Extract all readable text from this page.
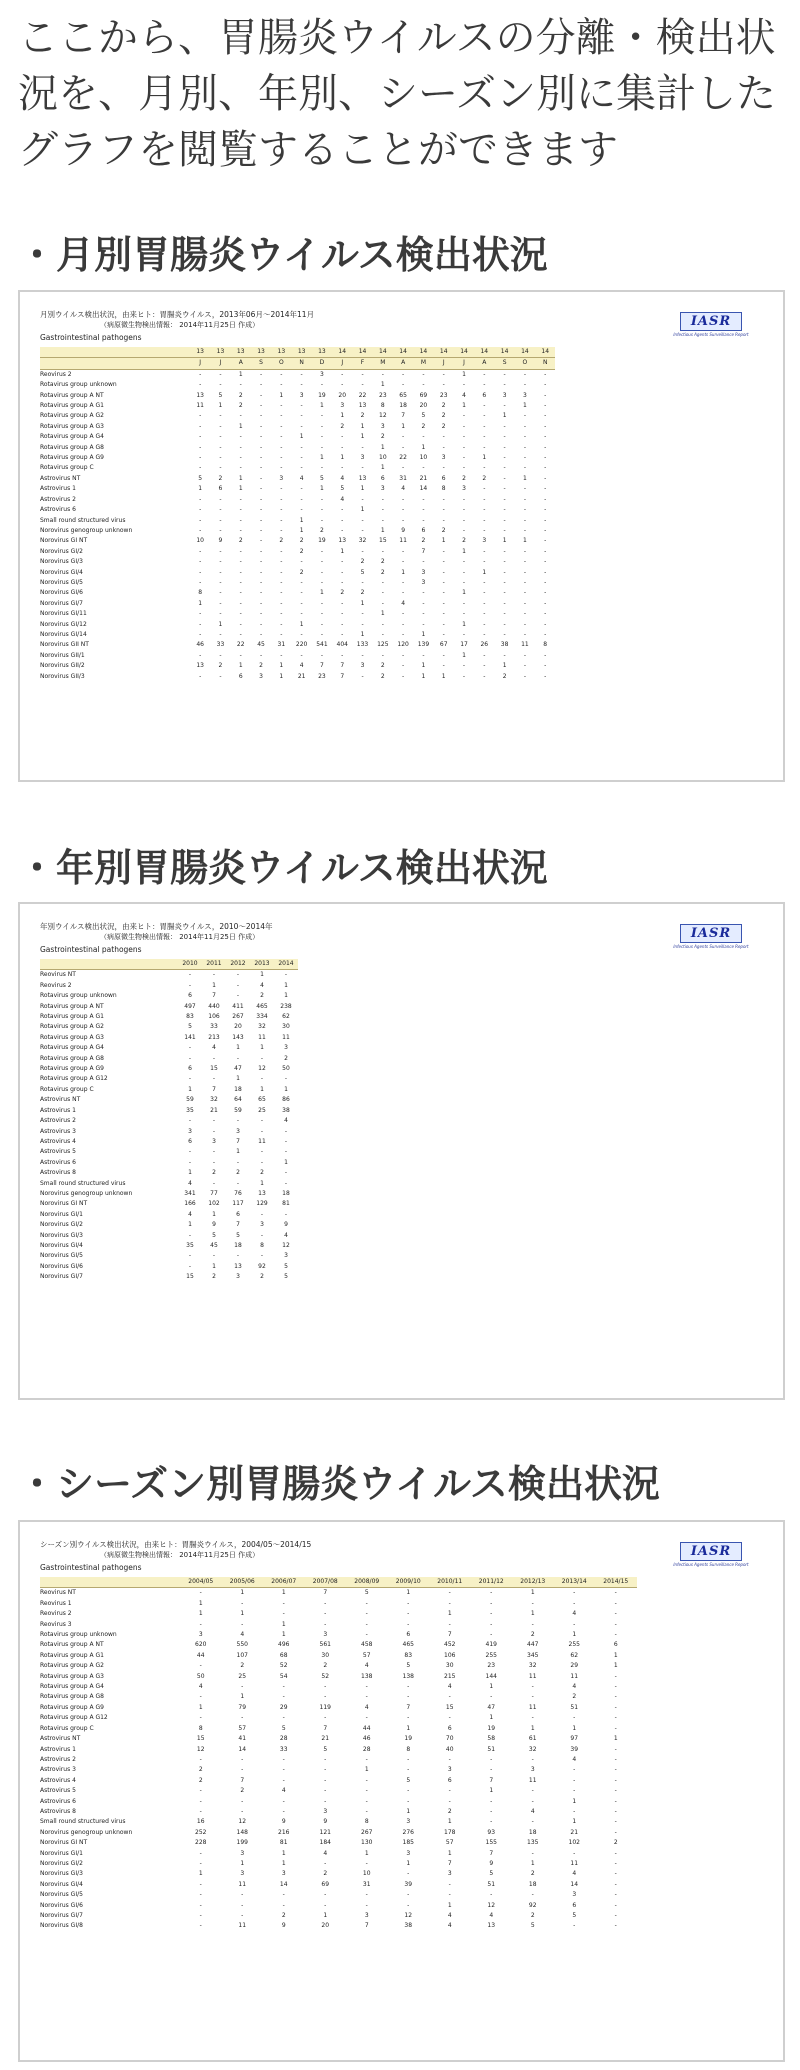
ここから、胃腸炎ウイルスの分離・検出状況を、月別、年別、シーズン別に集計したグラフを閲覧することができます

・月別胃腸炎ウイルス検出状況
IASR
Infectious Agents Surveillance Report
月別ウイルス検出状況，由来ヒト：胃腸炎ウイルス，2013年06月〜2014年11月
（病原微生物検出情報： 2014年11月25日 作成）
Gastrointestinal pathogens
	13	13	13	13	13	13	13	14	14	14	14	14	14	14	14	14	14	14
	J	J	A	S	O	N	D	J	F	M	A	M	J	J	A	S	O	N
Reovirus 2	-	-	1	-	-	-	3	-	-	-	-	-	-	1	-	-	-	-
Rotavirus group unknown	-	-	-	-	-	-	-	-	-	1	-	-	-	-	-	-	-	-
Rotavirus group A NT	13	5	2	-	1	3	19	20	22	23	65	69	23	4	6	3	3	-
Rotavirus group A G1	11	1	2	-	-	-	1	3	13	8	18	20	2	1	-	-	1	-
Rotavirus group A G2	-	-	-	-	-	-	-	1	2	12	7	5	2	-	-	1	-	-
Rotavirus group A G3	-	-	1	-	-	-	-	2	1	3	1	2	2	-	-	-	-	-
Rotavirus group A G4	-	-	-	-	-	1	-	-	1	2	-	-	-	-	-	-	-	-
Rotavirus group A G8	-	-	-	-	-	-	-	-	-	1	-	1	-	-	-	-	-	-
Rotavirus group A G9	-	-	-	-	-	-	1	1	3	10	22	10	3	-	1	-	-	-
Rotavirus group C	-	-	-	-	-	-	-	-	-	1	-	-	-	-	-	-	-	-
Astrovirus NT	5	2	1	-	3	4	5	4	13	6	31	21	6	2	2	-	1	-
Astrovirus 1	1	6	1	-	-	-	1	5	1	3	4	14	8	3	-	-	-	-
Astrovirus 2	-	-	-	-	-	-	-	4	-	-	-	-	-	-	-	-	-	-
Astrovirus 6	-	-	-	-	-	-	-	-	1	-	-	-	-	-	-	-	-	-
Small round structured virus	-	-	-	-	-	1	-	-	-	-	-	-	-	-	-	-	-	-
Norovirus genogroup unknown	-	-	-	-	-	1	2	-	-	1	9	6	2	-	-	-	-	-
Norovirus GI NT	10	9	2	-	2	2	19	13	32	15	11	2	1	2	3	1	1	-
Norovirus GI/2	-	-	-	-	-	2	-	1	-	-	-	7	-	1	-	-	-	-
Norovirus GI/3	-	-	-	-	-	-	-	-	2	2	-	-	-	-	-	-	-	-
Norovirus GI/4	-	-	-	-	-	2	-	-	5	2	1	3	-	-	1	-	-	-
Norovirus GI/5	-	-	-	-	-	-	-	-	-	-	-	3	-	-	-	-	-	-
Norovirus GI/6	8	-	-	-	-	-	1	2	2	-	-	-	-	1	-	-	-	-
Norovirus GI/7	1	-	-	-	-	-	-	-	1	-	4	-	-	-	-	-	-	-
Norovirus GI/11	-	-	-	-	-	-	-	-	-	1	-	-	-	-	-	-	-	-
Norovirus GI/12	-	1	-	-	-	1	-	-	-	-	-	-	-	1	-	-	-	-
Norovirus GI/14	-	-	-	-	-	-	-	-	1	-	-	1	-	-	-	-	-	-
Norovirus GII NT	46	33	22	45	31	220	541	404	133	125	120	139	67	17	26	38	11	8
Norovirus GII/1	-	-	-	-	-	-	-	-	-	-	-	-	-	1	-	-	-	-
Norovirus GII/2	13	2	1	2	1	4	7	7	3	2	-	1	-	-	-	1	-	-
Norovirus GII/3	-	-	6	3	1	21	23	7	-	2	-	1	1	-	-	2	-	-
・年別胃腸炎ウイルス検出状況
IASR
Infectious Agents Surveillance Report
年別ウイルス検出状況，由来ヒト：胃腸炎ウイルス，2010〜2014年
（病原微生物検出情報： 2014年11月25日 作成）
Gastrointestinal pathogens
	2010	2011	2012	2013	2014
Reovirus NT	-	-	-	1	-
Reovirus 2	-	1	-	4	1
Rotavirus group unknown	6	7	-	2	1
Rotavirus group A NT	497	440	411	465	238
Rotavirus group A G1	83	106	267	334	62
Rotavirus group A G2	5	33	20	32	30
Rotavirus group A G3	141	213	143	11	11
Rotavirus group A G4	-	4	1	1	3
Rotavirus group A G8	-	-	-	-	2
Rotavirus group A G9	6	15	47	12	50
Rotavirus group A G12	-	-	1	-	-
Rotavirus group C	1	7	18	1	1
Astrovirus NT	59	32	64	65	86
Astrovirus 1	35	21	59	25	38
Astrovirus 2	-	-	-	-	4
Astrovirus 3	3	-	3	-	-
Astrovirus 4	6	3	7	11	-
Astrovirus 5	-	-	1	-	-
Astrovirus 6	-	-	-	-	1
Astrovirus 8	1	2	2	2	-
Small round structured virus	4	-	-	1	-
Norovirus genogroup unknown	341	77	76	13	18
Norovirus GI NT	166	102	117	129	81
Norovirus GI/1	4	1	6	-	-
Norovirus GI/2	1	9	7	3	9
Norovirus GI/3	-	5	5	-	4
Norovirus GI/4	35	45	18	8	12
Norovirus GI/5	-	-	-	-	3
Norovirus GI/6	-	1	13	92	5
Norovirus GI/7	15	2	3	2	5
・シーズン別胃腸炎ウイルス検出状況
IASR
Infectious Agents Surveillance Report
シーズン別ウイルス検出状況，由来ヒト：胃腸炎ウイルス，2004/05〜2014/15
（病原微生物検出情報： 2014年11月25日 作成）
Gastrointestinal pathogens
	2004/05	2005/06	2006/07	2007/08	2008/09	2009/10	2010/11	2011/12	2012/13	2013/14	2014/15
Reovirus NT	-	1	1	7	5	1	-	-	1	-	-
Reovirus 1	1	-	-	-	-	-	-	-	-	-	-
Reovirus 2	1	1	-	-	-	-	1	-	1	4	-
Reovirus 3	-	-	1	-	-	-	-	-	-	-	-
Rotavirus group unknown	3	4	1	3	-	6	7	-	2	1	-
Rotavirus group A NT	620	550	496	561	458	465	452	419	447	255	6
Rotavirus group A G1	44	107	68	30	57	83	106	255	345	62	1
Rotavirus group A G2	-	2	52	2	4	5	30	23	32	29	1
Rotavirus group A G3	50	25	54	52	138	138	215	144	11	11	-
Rotavirus group A G4	4	-	-	-	-	-	4	1	-	4	-
Rotavirus group A G8	-	1	-	-	-	-	-	-	-	2	-
Rotavirus group A G9	1	79	29	119	4	7	15	47	11	51	-
Rotavirus group A G12	-	-	-	-	-	-	-	1	-	-	-
Rotavirus group C	8	57	5	7	44	1	6	19	1	1	-
Astrovirus NT	15	41	28	21	46	19	70	58	61	97	1
Astrovirus 1	12	14	33	5	28	8	40	51	32	39	-
Astrovirus 2	-	-	-	-	-	-	-	-	-	4	-
Astrovirus 3	2	-	-	-	1	-	3	-	3	-	-
Astrovirus 4	2	7	-	-	-	5	6	7	11	-	-
Astrovirus 5	-	2	4	-	-	-	-	1	-	-	-
Astrovirus 6	-	-	-	-	-	-	-	-	-	1	-
Astrovirus 8	-	-	-	3	-	1	2	-	4	-	-
Small round structured virus	16	12	9	9	8	3	1	-	-	1	-
Norovirus genogroup unknown	252	148	216	121	267	276	178	93	18	21	-
Norovirus GI NT	228	199	81	184	130	185	57	155	135	102	2
Norovirus GI/1	-	3	1	4	1	3	1	7	-	-	-
Norovirus GI/2	-	1	1	-	-	1	7	9	1	11	-
Norovirus GI/3	1	3	3	2	10	-	3	5	2	4	-
Norovirus GI/4	-	11	14	69	31	39	-	51	18	14	-
Norovirus GI/5	-	-	-	-	-	-	-	-	-	3	-
Norovirus GI/6	-	-	-	-	-	-	1	12	92	6	-
Norovirus GI/7	-	-	2	1	3	12	4	4	2	5	-
Norovirus GI/8	-	11	9	20	7	38	4	13	5	-	-
